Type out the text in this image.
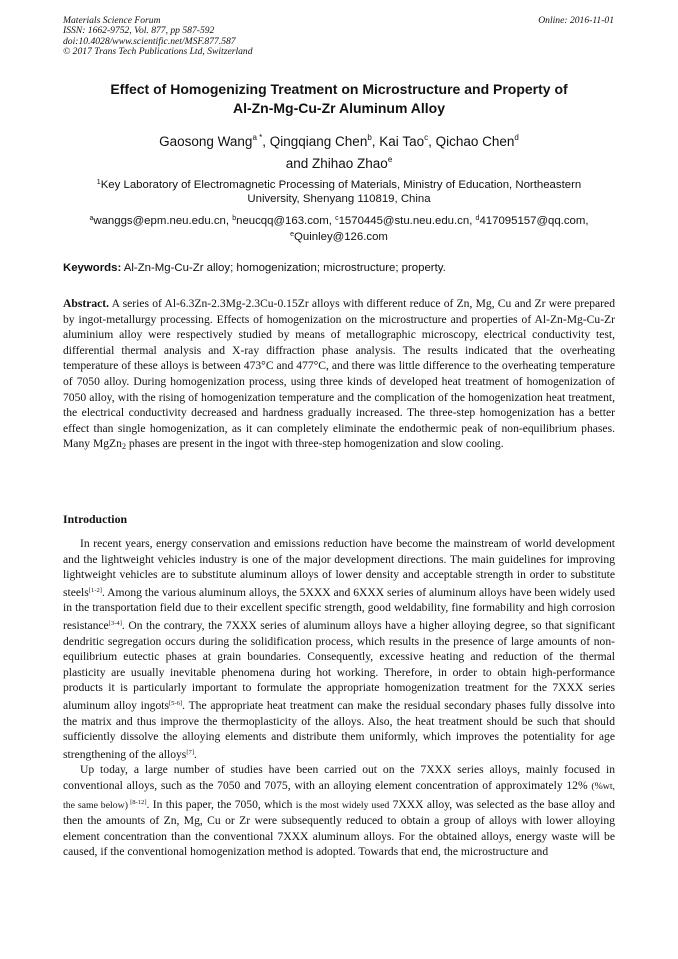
Materials Science Forum
ISSN: 1662-9752, Vol. 877, pp 587-592
doi:10.4028/www.scientific.net/MSF.877.587
© 2017 Trans Tech Publications Ltd, Switzerland
Online: 2016-11-01
Effect of Homogenizing Treatment on Microstructure and Property of
Al-Zn-Mg-Cu-Zr Aluminum Alloy
Gaosong Wang$^{a *}$, Qingqiang Chen$^b$, Kai Tao$^c$, Qichao Chen$^d$
and Zhihao Zhao$^e$
$^1$Key Laboratory of Electromagnetic Processing of Materials, Ministry of Education, Northeastern
University, Shenyang 110819, China
$^a$wanggs@epm.neu.edu.cn, $^b$neucqq@163.com, $^c$1570445@stu.neu.edu.cn, $^d$417095157@qq.com,
$^e$Quinley@126.com
Keywords: Al-Zn-Mg-Cu-Zr alloy; homogenization; microstructure; property.
Abstract. A series of Al-6.3Zn-2.3Mg-2.3Cu-0.15Zr alloys with different reduce of Zn, Mg, Cu and Zr were prepared by ingot-metallurgy processing. Effects of homogenization on the microstructure and properties of Al-Zn-Mg-Cu-Zr aluminium alloy were respectively studied by means of metallographic microscopy, electrical conductivity test, differential thermal analysis and X-ray diffraction phase analysis. The results indicated that the overheating temperature of these alloys is between 473°C and 477°C, and there was little difference to the overheating temperature of 7050 alloy. During homogenization process, using three kinds of developed heat treatment of homogenization of 7050 alloy, with the rising of homogenization temperature and the complication of the homogenization heat treatment, the electrical conductivity decreased and hardness gradually increased. The three-step homogenization has a better effect than single homogenization, as it can completely eliminate the endothermic peak of non-equilibrium phases. Many MgZn$_2$ phases are present in the ingot with three-step homogenization and slow cooling.
Introduction

In recent years, energy conservation and emissions reduction have become the mainstream of world development and the lightweight vehicles industry is one of the major development directions. The main guidelines for improving lightweight vehicles are to substitute aluminum alloys of lower density and acceptable strength in order to substitute steels[1-2]. Among the various aluminum alloys, the 5XXX and 6XXX series of aluminum alloys have been widely used in the transportation field due to their excellent specific strength, good weldability, fine formability and high corrosion resistance[3-4]. On the contrary, the 7XXX series of aluminum alloys have a higher alloying degree, so that significant dendritic segregation occurs during the solidification process, which results in the presence of large amounts of non-equilibrium eutectic phases at grain boundaries. Consequently, excessive heating and reduction of the thermal plasticity are usually inevitable phenomena during hot working. Therefore, in order to obtain high-performance products it is particularly important to formulate the appropriate homogenization treatment for the 7XXX series aluminum alloy ingots[5-6]. The appropriate heat treatment can make the residual secondary phases fully dissolve into the matrix and thus improve the thermoplasticity of the alloys. Also, the heat treatment should be such that should sufficiently dissolve the alloying elements and distribute them uniformly, which improves the potentiality for age strengthening of the alloys[7].

Up today, a large number of studies have been carried out on the 7XXX series alloys, mainly focused in conventional alloys, such as the 7050 and 7075, with an alloying element concentration of approximately 12% (%wt, the same below) [8-12]. In this paper, the 7050, which is the most widely used 7XXX alloy, was selected as the base alloy and then the amounts of Zn, Mg, Cu or Zr were subsequently reduced to obtain a group of alloys with lower alloying element concentration than the conventional 7XXX aluminum alloys. For the obtained alloys, energy waste will be caused, if the conventional homogenization method is adopted. Towards that end, the microstructure and
